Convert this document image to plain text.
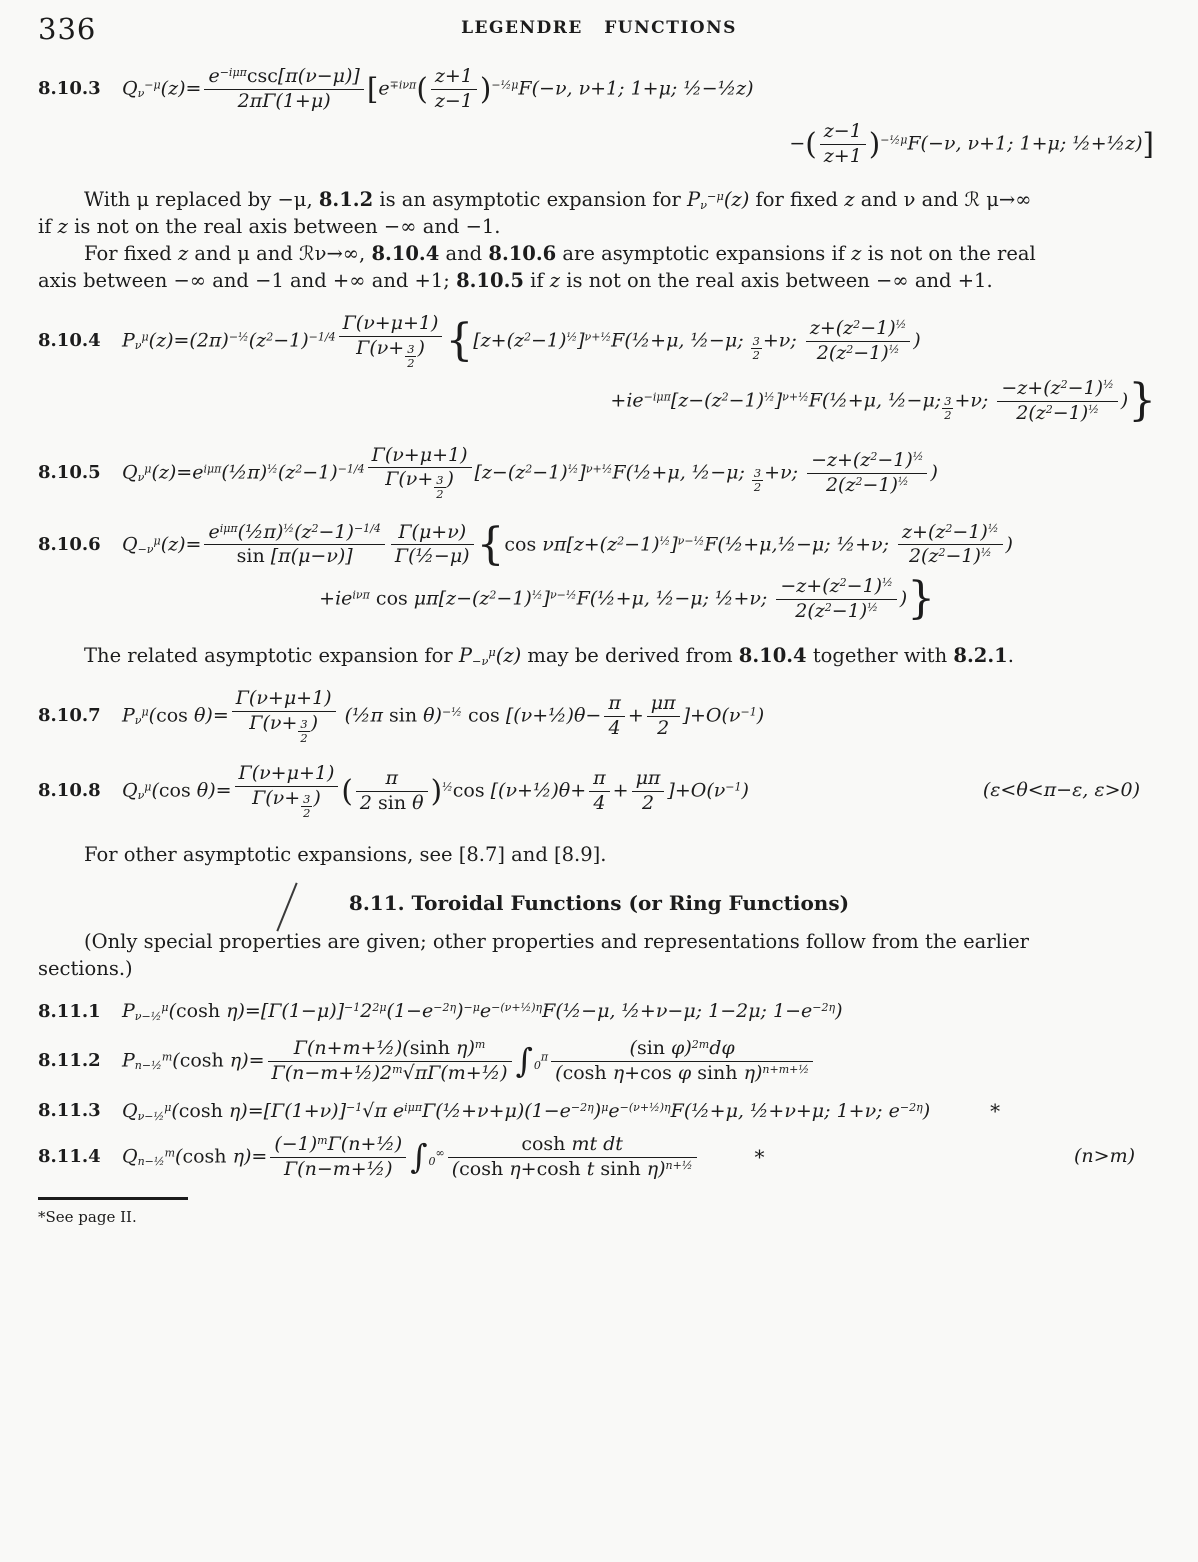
336	LEGENDRE FUNCTIONS
8.10.3	$Q_\nu^{-\mu}(z)= \frac{e^{-i\mu\pi}\csc[\pi(\nu-\mu)]}{2\pi\Gamma(1+\mu)} [e^{\mp i\nu\pi}( \frac{z+1}{z-1} )^{-\frac{1}{2}\mu}F(-\nu$, ν+1; 1+μ; ½−½z)
−( $\frac{z-1}{z+1} )^{-\frac{1}{2}\mu}F(-\nu$, ν+1; 1+μ; ½+½z)]
With μ replaced by −μ, 8.1.2 is an asymptotic expansion for $P_\nu^{-\mu}(z)$ for fixed z and ν and ℛ μ→∞
if z is not on the real axis between −∞ and −1.
For fixed z and μ and ℛν→∞, 8.10.4 and 8.10.6 are asymptotic expansions if z is not on the real
axis between −∞ and −1 and +∞ and +1; 8.10.5 if z is not on the real axis between −∞ and +1.
8.10.4	$P_\nu^\mu(z)=(2\pi)^{-\frac{1}{2}}(z^2-1)^{-1/4} \frac{\Gamma(\nu+\mu+1)}{\Gamma(\nu+ \frac{3}{2} )}$ {$[z+(z^2-1)^{\frac{1}{2}}]^{\nu+\frac{1}{2}}F(\frac{1}{2}+\mu$, ½−μ; $\frac{3}{2} +\nu$; $\frac{z+(z^2-1)^{\frac{1}{2}}}{2(z^2-1)^{\frac{1}{2}}}$ )
$+ie^{-i\mu\pi}[z-(z^2-1)^{\frac{1}{2}}]^{\nu+\frac{1}{2}}F(\frac{1}{2}+\mu$, ½−μ; $\frac{3}{2} +\nu$; $\frac{-z+(z^2-1)^{\frac{1}{2}}}{2(z^2-1)^{\frac{1}{2}}}$ )}
8.10.5	$Q_\nu^\mu(z)=e^{i\mu\pi}(\frac{1}{2}\pi)^{\frac{1}{2}}(z^2-1)^{-1/4} \frac{\Gamma(\nu+\mu+1)}{\Gamma(\nu+ \frac{3}{2} )}$ $[z-(z^2-1)^{\frac{1}{2}}]^{\nu+\frac{1}{2}}F(\frac{1}{2}+\mu$, ½−μ; $\frac{3}{2} +\nu$; $\frac{-z+(z^2-1)^{\frac{1}{2}}}{2(z^2-1)^{\frac{1}{2}}}$ )
8.10.6	$Q_{-\nu}^\mu(z)= \frac{e^{i\mu\pi}(\frac{1}{2}\pi)^{\frac{1}{2}}(z^2-1)^{-1/4}}{\sin [\pi(\mu-\nu)]} \frac{\Gamma(\mu+\nu)}{\text{Γ(½−μ)}} \{\cos$ $\nu\pi[z+(z^2-1)^{\frac{1}{2}}]^{\nu-\frac{1}{2}}F(\frac{1}{2}+\mu,\frac{1}{2}-\mu$; ½+ν; $\frac{z+(z^2-1)^{\frac{1}{2}}}{2(z^2-1)^{\frac{1}{2}}}$ )
$+ie^{i\nu\pi}$ $\cos \mu\pi[z-(z^2-1)^{\frac{1}{2}}]^{\nu-\frac{1}{2}}F(\frac{1}{2}+\mu$, ½−μ; ½+ν; $\frac{-z+(z^2-1)^{\frac{1}{2}}}{2(z^2-1)^{\frac{1}{2}}}$ )}
The related asymptotic expansion for $P_{-\nu}^\mu(z)$ may be derived from 8.10.4 together with 8.2.1.
8.10.7	$P_\nu^\mu(\cos$ $\theta)= \frac{\Gamma(\nu+\mu+1)}{\Gamma(\nu+ \frac{3}{2} )}$ (½π sin θ)$^{-\frac{1}{2}}$ cos [(ν+½)θ− $\frac{\pi}{4} + \frac{\mu\pi}{2} ]+O(\nu^{-1})$
8.10.8	$Q_\nu^\mu(\cos$ $\theta)= \frac{\Gamma(\nu+\mu+1)}{\Gamma(\nu+ \frac{3}{2} )}$ ( $\frac{\pi}{\text{2 sin θ}} )^{\frac{1}{2}}\cos$ [(ν+½)θ+ $\frac{\pi}{4} + \frac{\mu\pi}{2} ]+O(\nu^{-1})$	(ε<θ<π−ε, ε>0)
For other asymptotic expansions, see [8.7] and [8.9].
8.11. Toroidal Functions (or Ring Functions)
(Only special properties are given; other properties and representations follow from the earlier
sections.)
8.11.1	$P_{\nu-\frac{1}{2}}^\mu(\cosh$ $\eta)=[\Gamma(1-\mu)]^{-1}2^{2\mu}(1-e^{-2\eta})^{-\mu}e^{-(\nu+\frac{1}{2})\eta}F(\frac{1}{2}-\mu$, ½+ν−μ; 1−2μ; $1-e^{-2\eta}$)
8.11.2	$P_{n-\frac{1}{2}}^m(\cosh$ $\eta)= \frac{\Gamma(n+m+\frac{1}{2})(\sinh \eta)^m}{\Gamma(n-m+\frac{1}{2})2^m√\pi\Gamma(m+\frac{1}{2})} \int_0^\pi \frac{(\sin \varphi)^{2m}d\varphi}{(\cosh \eta+\cos \varphi \sinh \eta)^{n+m+\frac{1}{2}}}$
8.11.3	$Q_{\nu-\frac{1}{2}}^\mu(\cosh$ $\eta)=[\Gamma(1+\nu)]^{-1}√\pi$ $e^{i\mu\pi}\Gamma(\frac{1}{2}+\nu+\mu)(1-e^{-2\eta})^\mu e^{-(\nu+\frac{1}{2})\eta}F(\frac{1}{2}+\mu$, ½+ν+μ; 1+ν; $e^{-2\eta}$)	*
8.11.4	$Q_{n-\frac{1}{2}}^m(\cosh$ $\eta)= \frac{(-1)^m\Gamma(n+\frac{1}{2})}{\text{Γ(n−m+½)}} \int_0^\infty \frac{\text{cosh mt dt}}{(\cosh \eta+\cosh t \sinh \eta)^{n+\frac{1}{2}}}$	*	(n>m)
*See page II.
